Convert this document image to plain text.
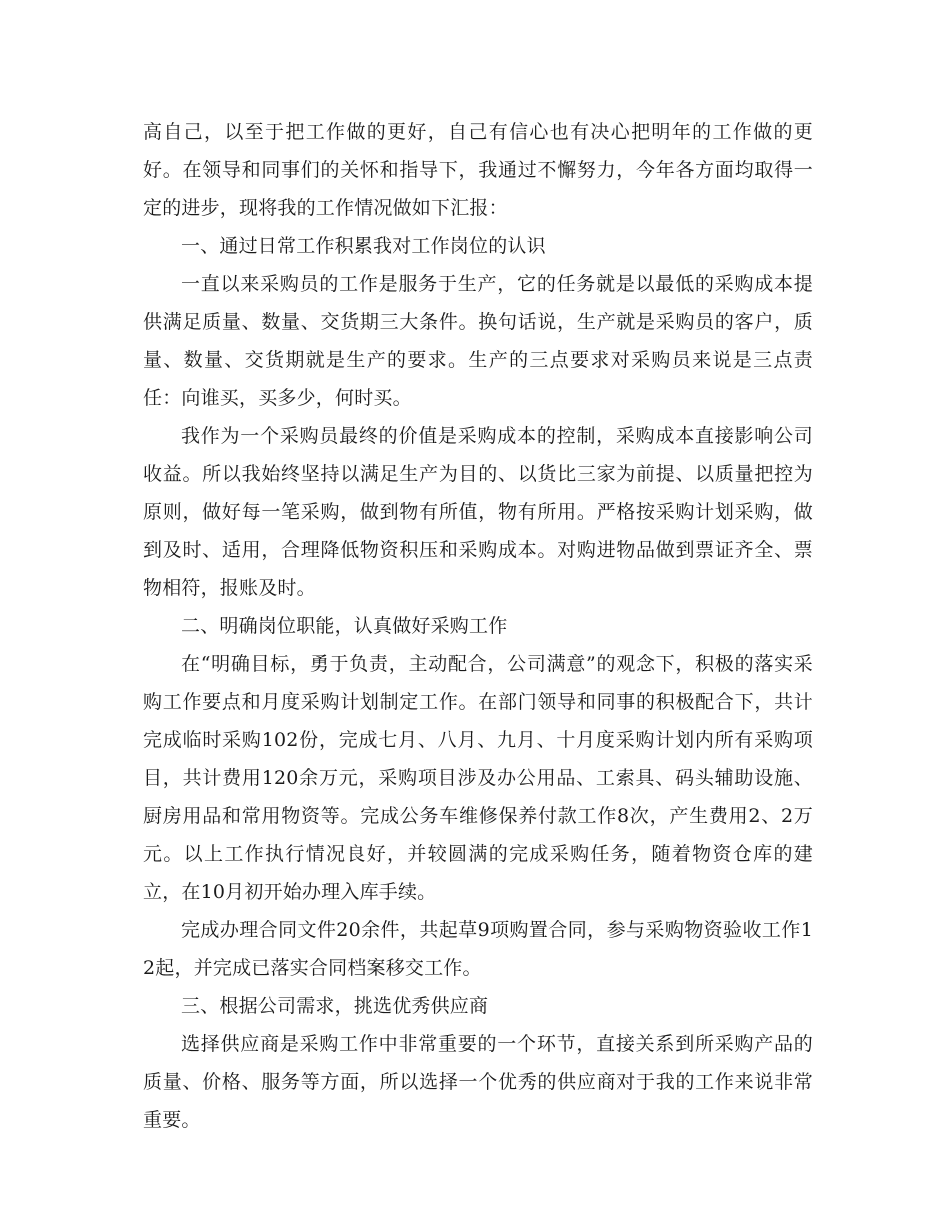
高自己，以至于把工作做的更好，自己有信心也有决心把明年的工作做的更好。在领导和同事们的关怀和指导下，我通过不懈努力，今年各方面均取得一定的进步，现将我的工作情况做如下汇报：

一、通过日常工作积累我对工作岗位的认识

一直以来采购员的工作是服务于生产，它的任务就是以最低的采购成本提供满足质量、数量、交货期三大条件。换句话说，生产就是采购员的客户，质量、数量、交货期就是生产的要求。生产的三点要求对采购员来说是三点责任：向谁买，买多少，何时买。

我作为一个采购员最终的价值是采购成本的控制，采购成本直接影响公司收益。所以我始终坚持以满足生产为目的、以货比三家为前提、以质量把控为原则，做好每一笔采购，做到物有所值，物有所用。严格按采购计划采购，做到及时、适用，合理降低物资积压和采购成本。对购进物品做到票证齐全、票物相符，报账及时。

二、明确岗位职能，认真做好采购工作

在“明确目标，勇于负责，主动配合，公司满意”的观念下，积极的落实采购工作要点和月度采购计划制定工作。在部门领导和同事的积极配合下，共计完成临时采购102份，完成七月、八月、九月、十月度采购计划内所有采购项目，共计费用120余万元，采购项目涉及办公用品、工索具、码头辅助设施、厨房用品和常用物资等。完成公务车维修保养付款工作8次，产生费用2、2万元。以上工作执行情况良好，并较圆满的完成采购任务，随着物资仓库的建立，在10月初开始办理入库手续。

完成办理合同文件20余件，共起草9项购置合同，参与采购物资验收工作12起，并完成已落实合同档案移交工作。

三、根据公司需求，挑选优秀供应商

选择供应商是采购工作中非常重要的一个环节，直接关系到所采购产品的质量、价格、服务等方面，所以选择一个优秀的供应商对于我的工作来说非常重要。
